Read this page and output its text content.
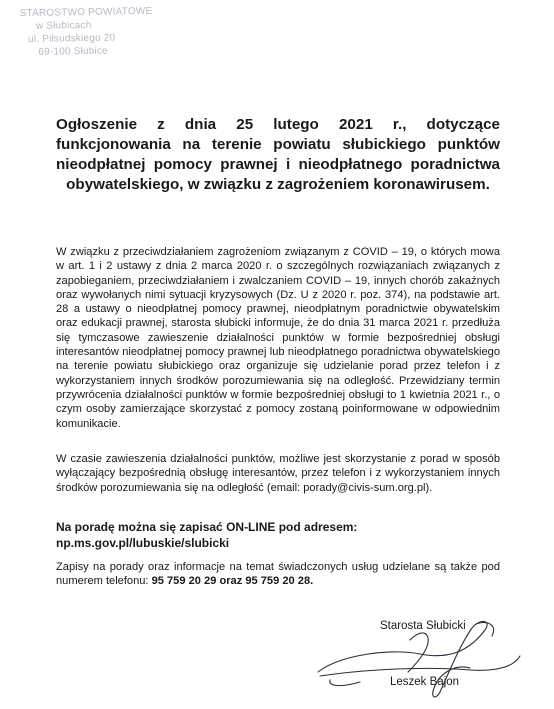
STAROSTWO POWIATOWE
w Słubicach
ul. Piłsudskiego 20
69-100 Słubice
Ogłoszenie z dnia 25 lutego 2021 r., dotyczące funkcjonowania na terenie powiatu słubickiego punktów nieodpłatnej pomocy prawnej i nieodpłatnego poradnictwa obywatelskiego, w związku z zagrożeniem koronawirusem.

W związku z przeciwdziałaniem zagrożeniom związanym z COVID – 19, o których mowa w art. 1 i 2 ustawy z dnia 2 marca 2020 r. o szczególnych rozwiązaniach związanych z zapobieganiem, przeciwdziałaniem i zwalczaniem COVID – 19, innych chorób zakaźnych oraz wywołanych nimi sytuacji kryzysowych (Dz. U z 2020 r. poz. 374), na podstawie art. 28 a ustawy o nieodpłatnej pomocy prawnej, nieodpłatnym poradnictwie obywatelskim oraz edukacji prawnej, starosta słubicki informuje, że do dnia 31 marca 2021 r. przedłuża się tymczasowe zawieszenie działalności punktów w formie bezpośredniej obsługi interesantów nieodpłatnej pomocy prawnej lub nieodpłatnego poradnictwa obywatelskiego na terenie powiatu słubickiego oraz organizuje się udzielanie porad przez telefon i z wykorzystaniem innych środków porozumiewania się na odległość. Przewidziany termin przywrócenia działalności punktów w formie bezpośredniej obsługi to 1 kwietnia 2021 r., o czym osoby zamierzające skorzystać z pomocy zostaną poinformowane w odpowiednim komunikacie.

W czasie zawieszenia działalności punktów, możliwe jest skorzystanie z porad w sposób wyłączający bezpośrednią obsługę interesantów, przez telefon i z wykorzystaniem innych środków porozumiewania się na odległość (email: porady@civis-sum.org.pl).

Na poradę można się zapisać ON-LINE pod adresem:
np.ms.gov.pl/lubuskie/slubicki

Zapisy na porady oraz informacje na temat świadczonych usług udzielane są także pod numerem telefonu: 95 759 20 29 oraz 95 759 20 28.

Starosta Słubicki
Leszek Bajon
